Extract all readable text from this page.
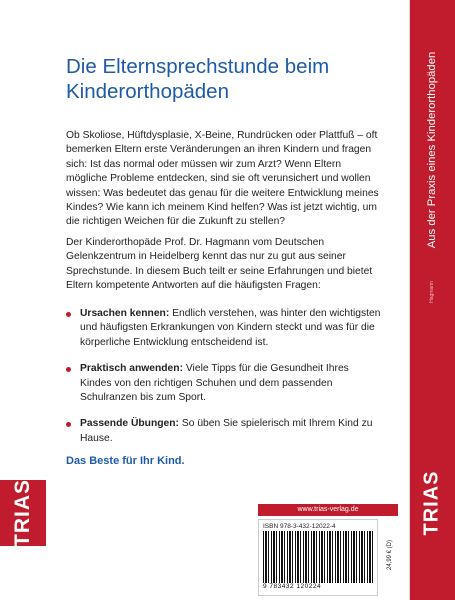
Die Elternsprechstunde beim Kinderorthopäden

Ob Skoliose, Hüftdysplasie, X-Beine, Rundrücken oder Plattfuß – oft bemerken Eltern erste Veränderungen an ihren Kindern und fragen sich: Ist das normal oder müssen wir zum Arzt? Wenn Eltern mögliche Probleme entdecken, sind sie oft verunsichert und wollen wissen: Was bedeutet das genau für die weitere Entwicklung meines Kindes? Wie kann ich meinem Kind helfen? Was ist jetzt wichtig, um die richtigen Weichen für die Zukunft zu stellen?

Der Kinderorthopäde Prof. Dr. Hagmann vom Deutschen Gelenkzentrum in Heidelberg kennt das nur zu gut aus seiner Sprechstunde. In diesem Buch teilt er seine Erfahrungen und bietet Eltern kompetente Antworten auf die häufigsten Fragen:

Ursachen kennen: Endlich verstehen, was hinter den wichtigsten und häufigsten Erkrankungen von Kindern steckt und was für die körperliche Entwicklung entscheidend ist.
Praktisch anwenden: Viele Tipps für die Gesundheit Ihres Kindes von den richtigen Schuhen und dem passenden Schulranzen bis zum Sport.
Passende Übungen: So üben Sie spielerisch mit Ihrem Kind zu Hause.
Das Beste für Ihr Kind.
TRIAS	www.trias-verlag.de
ISBN 978-3-432-12022-4
9 783432 120224
24,99 € (D)
Aus der Praxis eines Kinderorthopäden
Hagmann
TRIAS
